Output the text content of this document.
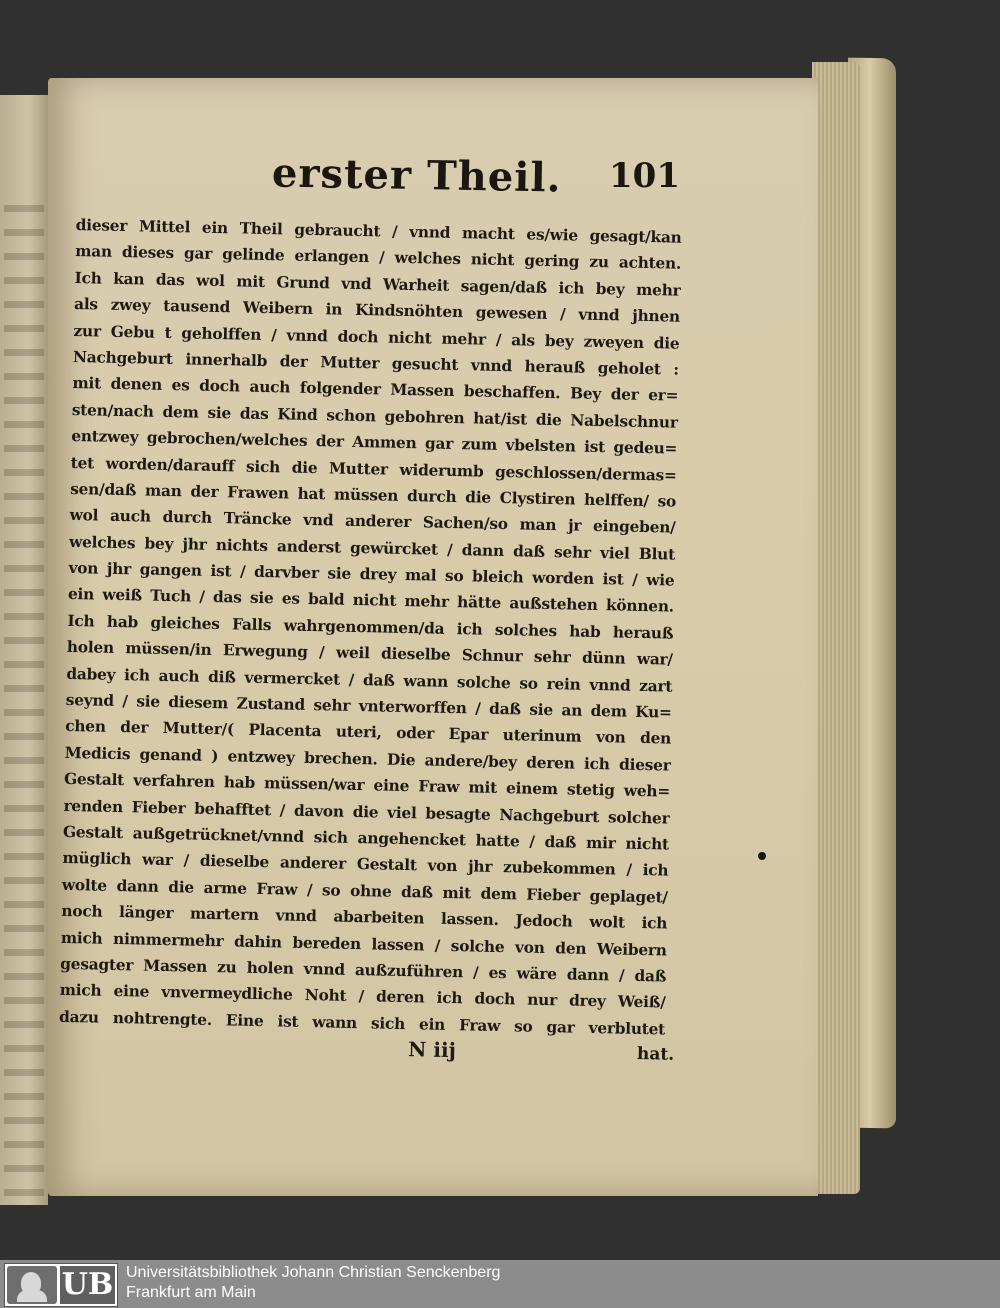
erster Theil. 101
dieser Mittel ein Theil gebraucht / vnnd macht es/wie gesagt/kan
man dieses gar gelinde erlangen / welches nicht gering zu achten.
Ich kan das wol mit Grund vnd Warheit sagen/daß ich bey mehr
als zwey tausend Weibern in Kindsnöhten gewesen / vnnd jhnen
zur Gebu t geholffen / vnnd doch nicht mehr / als bey zweyen die
Nachgeburt innerhalb der Mutter gesucht vnnd herauß geholet :
mit denen es doch auch folgender Massen beschaffen. Bey der er=
sten/nach dem sie das Kind schon gebohren hat/ist die Nabelschnur
entzwey gebrochen/welches der Ammen gar zum vbelsten ist gedeu=
tet worden/darauff sich die Mutter widerumb geschlossen/dermas=
sen/daß man der Frawen hat müssen durch die Clystiren helffen/ so
wol auch durch Träncke vnd anderer Sachen/so man jr eingeben/
welches bey jhr nichts anderst gewürcket / dann daß sehr viel Blut
von jhr gangen ist / darvber sie drey mal so bleich worden ist / wie
ein weiß Tuch / das sie es bald nicht mehr hätte außstehen können.
Ich hab gleiches Falls wahrgenommen/da ich solches hab herauß
holen müssen/in Erwegung / weil dieselbe Schnur sehr dünn war/
dabey ich auch diß vermercket / daß wann solche so rein vnnd zart
seynd / sie diesem Zustand sehr vnterworffen / daß sie an dem Ku=
chen der Mutter/( Placenta uteri, oder Epar uterinum von den
Medicis genand ) entzwey brechen. Die andere/bey deren ich dieser
Gestalt verfahren hab müssen/war eine Fraw mit einem stetig weh=
renden Fieber behafftet / davon die viel besagte Nachgeburt solcher
Gestalt außgetrücknet/vnnd sich angehencket hatte / daß mir nicht
müglich war / dieselbe anderer Gestalt von jhr zubekommen / ich
wolte dann die arme Fraw / so ohne daß mit dem Fieber geplaget/
noch länger martern vnnd abarbeiten lassen. Jedoch wolt ich
mich nimmermehr dahin bereden lassen / solche von den Weibern
gesagter Massen zu holen vnnd außzuführen / es wäre dann / daß
mich eine vnvermeydliche Noht / deren ich doch nur drey Weiß/
dazu nohtrengte. Eine ist wann sich ein Fraw so gar verblutet
N iij	hat.
UB Universitätsbibliothek Johann Christian Senckenberg
Frankfurt am Main
